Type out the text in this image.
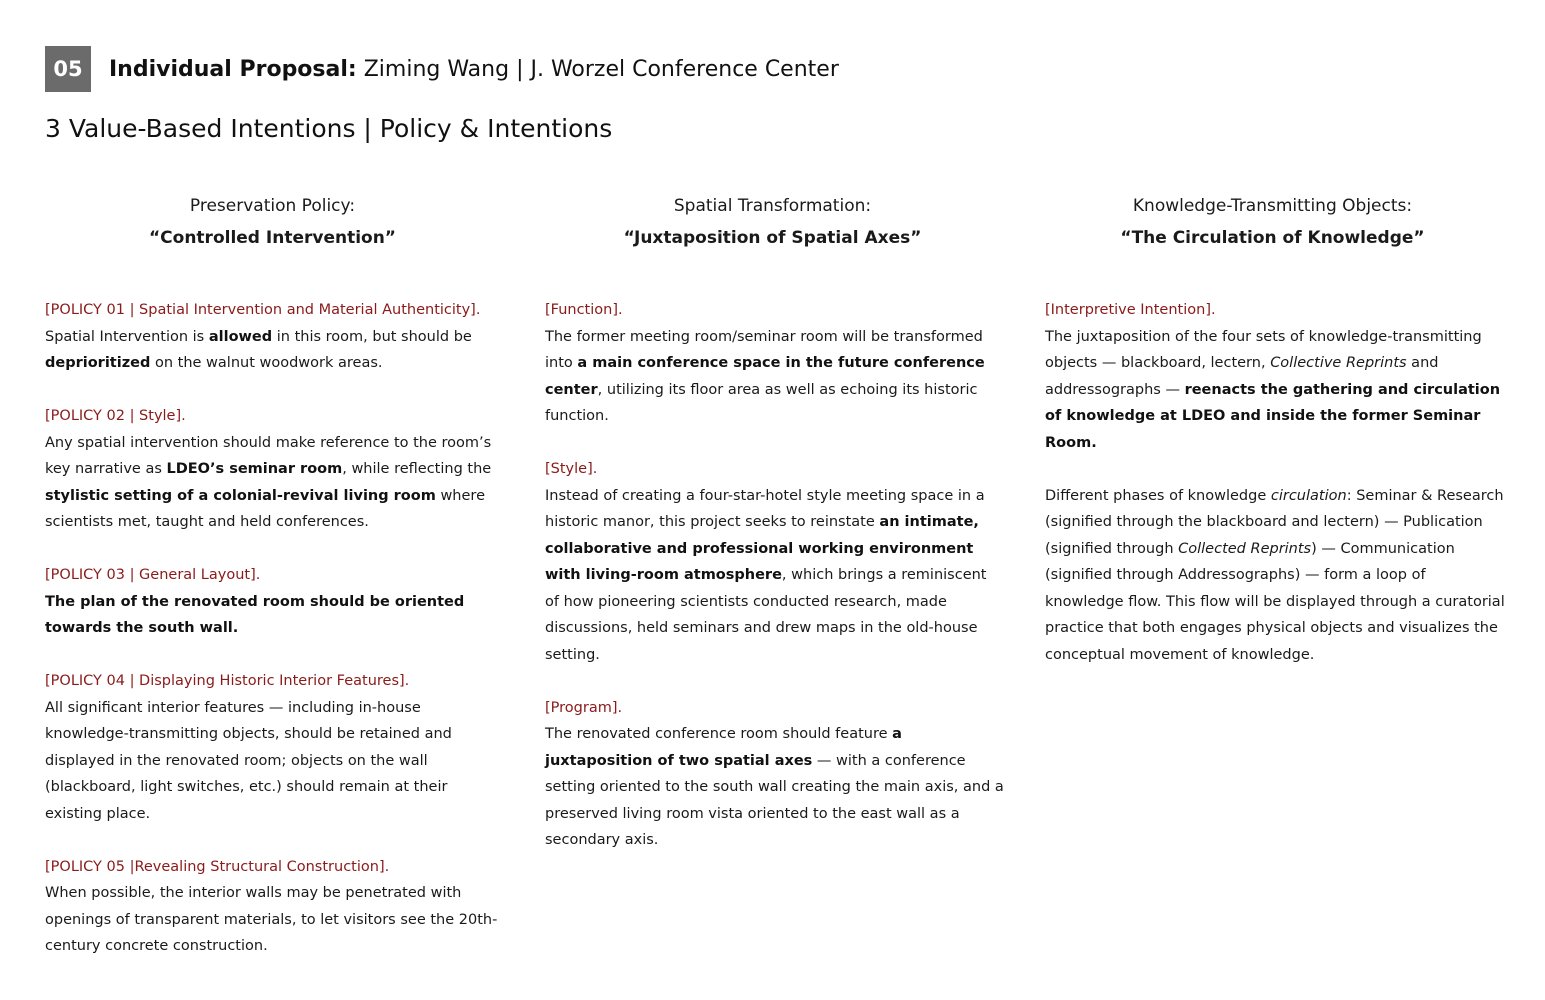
05	Individual Proposal: Ziming Wang | J. Worzel Conference Center
3 Value-Based Intentions | Policy & Intentions
Preservation Policy:
“Controlled Intervention”
[POLICY 01 | Spatial Intervention and Material Authenticity].
Spatial Intervention is allowed in this room, but should be deprioritized on the walnut woodwork areas.
[POLICY 02 | Style].
Any spatial intervention should make reference to the room’s key narrative as LDEO’s seminar room, while reflecting the stylistic setting of a colonial-revival living room where scientists met, taught and held conferences.
[POLICY 03 | General Layout].
The plan of the renovated room should be oriented towards the south wall.
[POLICY 04 | Displaying Historic Interior Features].
All significant interior features — including in-house knowledge-transmitting objects, should be retained and displayed in the renovated room; objects on the wall (blackboard, light switches, etc.) should remain at their existing place.
[POLICY 05 |Revealing Structural Construction].
When possible, the interior walls may be penetrated with openings of transparent materials, to let visitors see the 20th-century concrete construction.
Spatial Transformation:
“Juxtaposition of Spatial Axes”
[Function].
The former meeting room/seminar room will be transformed into a main conference space in the future conference center, utilizing its floor area as well as echoing its historic function.
[Style].
Instead of creating a four-star-hotel style meeting space in a historic manor, this project seeks to reinstate an intimate, collaborative and professional working environment with living-room atmosphere, which brings a reminiscent of how pioneering scientists conducted research, made discussions, held seminars and drew maps in the old-house setting.
[Program].
The renovated conference room should feature a juxtaposition of two spatial axes — with a conference setting oriented to the south wall creating the main axis, and a preserved living room vista oriented to the east wall as a secondary axis.
Knowledge-Transmitting Objects:
“The Circulation of Knowledge”
[Interpretive Intention].
The juxtaposition of the four sets of knowledge-transmitting objects — blackboard, lectern, Collective Reprints and addressographs — reenacts the gathering and circulation of knowledge at LDEO and inside the former Seminar Room.
Different phases of knowledge circulation: Seminar & Research (signified through the blackboard and lectern) — Publication (signified through Collected Reprints) — Communication (signified through Addressographs) — form a loop of knowledge flow. This flow will be displayed through a curatorial practice that both engages physical objects and visualizes the conceptual movement of knowledge.
